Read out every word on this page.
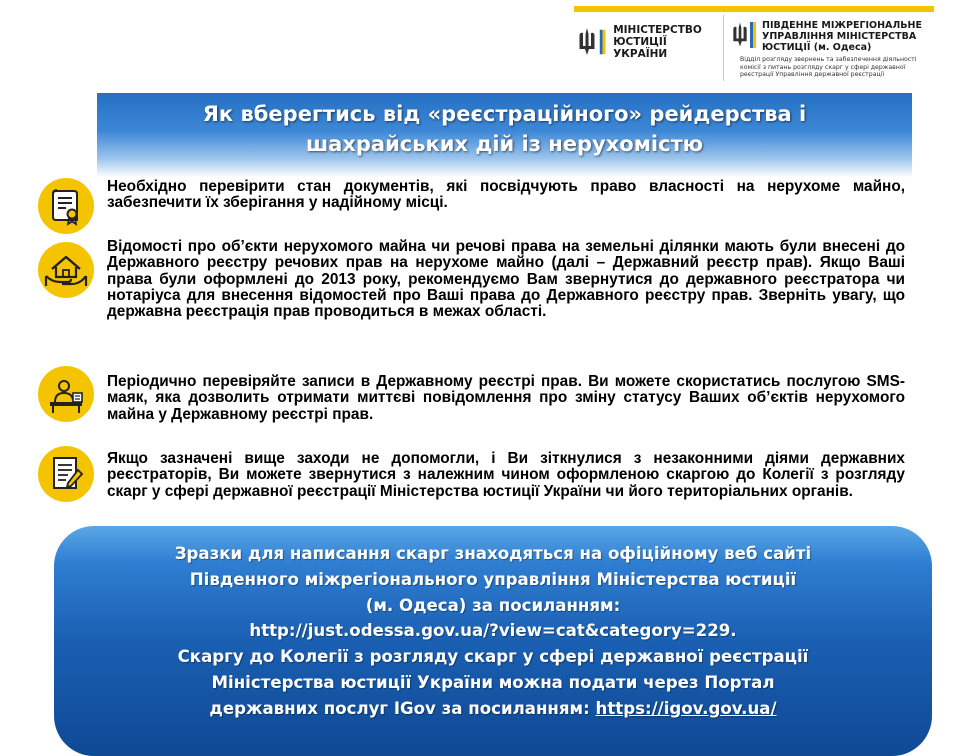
МІНІСТЕРСТВО
ЮСТИЦІЇ УКРАЇНИ
ПІВДЕННЕ МІЖРЕГІОНАЛЬНЕ
УПРАВЛІННЯ МІНІСТЕРСТВА
ЮСТИЦІЇ (м. Одеса)
Відділ розгляду звернень та забезпечення діяльності
комісії з питань розгляду скарг у сфері державної
реєстрації Управління державної реєстрації
Як вберегтись від «реєстраційного» рейдерства і
шахрайських дій із нерухомістю

Необхідно перевірити стан документів, які посвідчують право власності на нерухоме майно, забезпечити їх зберігання у надійному місці.

Відомості про об’єкти нерухомого майна чи речові права на земельні ділянки мають були внесені до Державного реєстру речових прав на нерухоме майно (далі – Державний реєстр прав). Якщо Ваші права були оформлені до 2013 року, рекомендуємо Вам звернутися до державного реєстратора чи нотаріуса для внесення відомостей про Ваші права до Державного реєстру прав. Зверніть увагу, що державна реєстрація прав проводиться в межах області.

Періодично перевіряйте записи в Державному реєстрі прав. Ви можете скористатись послугою SMS-маяк, яка дозволить отримати миттєві повідомлення про зміну статусу Ваших об’єктів нерухомого майна у Державному реєстрі прав.

Якщо зазначені вище заходи не допомогли, і Ви зіткнулися з незаконними діями державних реєстраторів, Ви можете звернутися з належним чином оформленою скаргою до Колегії з розгляду скарг у сфері державної реєстрації Міністерства юстиції України чи його територіальних органів.

Зразки для написання скарг знаходяться на офіційному веб сайті
Південного міжрегіонального управління Міністерства юстиції
(м. Одеса) за посиланням:
http://just.odessa.gov.ua/?view=cat&category=229.
Скаргу до Колегії з розгляду скарг у сфері державної реєстрації
Міністерства юстиції України можна подати через Портал
державних послуг IGov за посиланням: https://igov.gov.ua/
